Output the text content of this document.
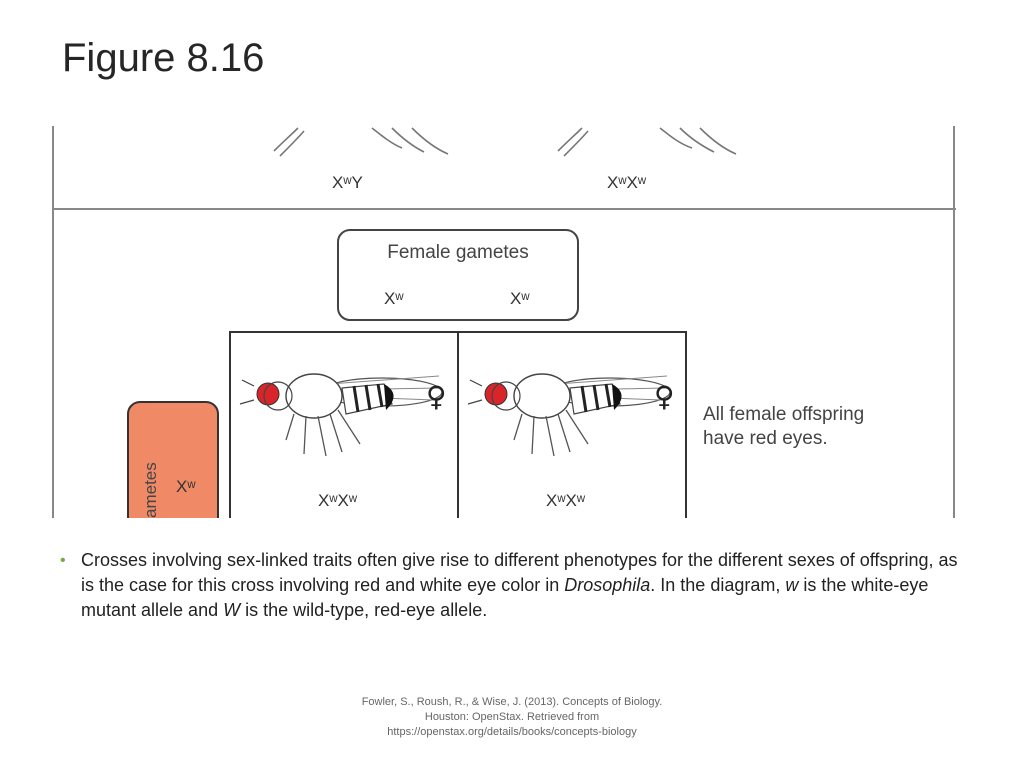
Figure 8.16
XʷY	XʷXʷ
Female gametes
Xʷ	Xʷ
ametes Xʷ
♀	♀
XʷXʷ	XʷXʷ
All female offspring
have red eyes.
• Crosses involving sex-linked traits often give rise to different phenotypes for the different sexes of offspring, as is the case for this cross involving red and white eye color in Drosophila. In the diagram, w is the white-eye mutant allele and W is the wild-type, red-eye allele.
Fowler, S., Roush, R., & Wise, J. (2013). Concepts of Biology.
Houston: OpenStax. Retrieved from
https://openstax.org/details/books/concepts-biology
